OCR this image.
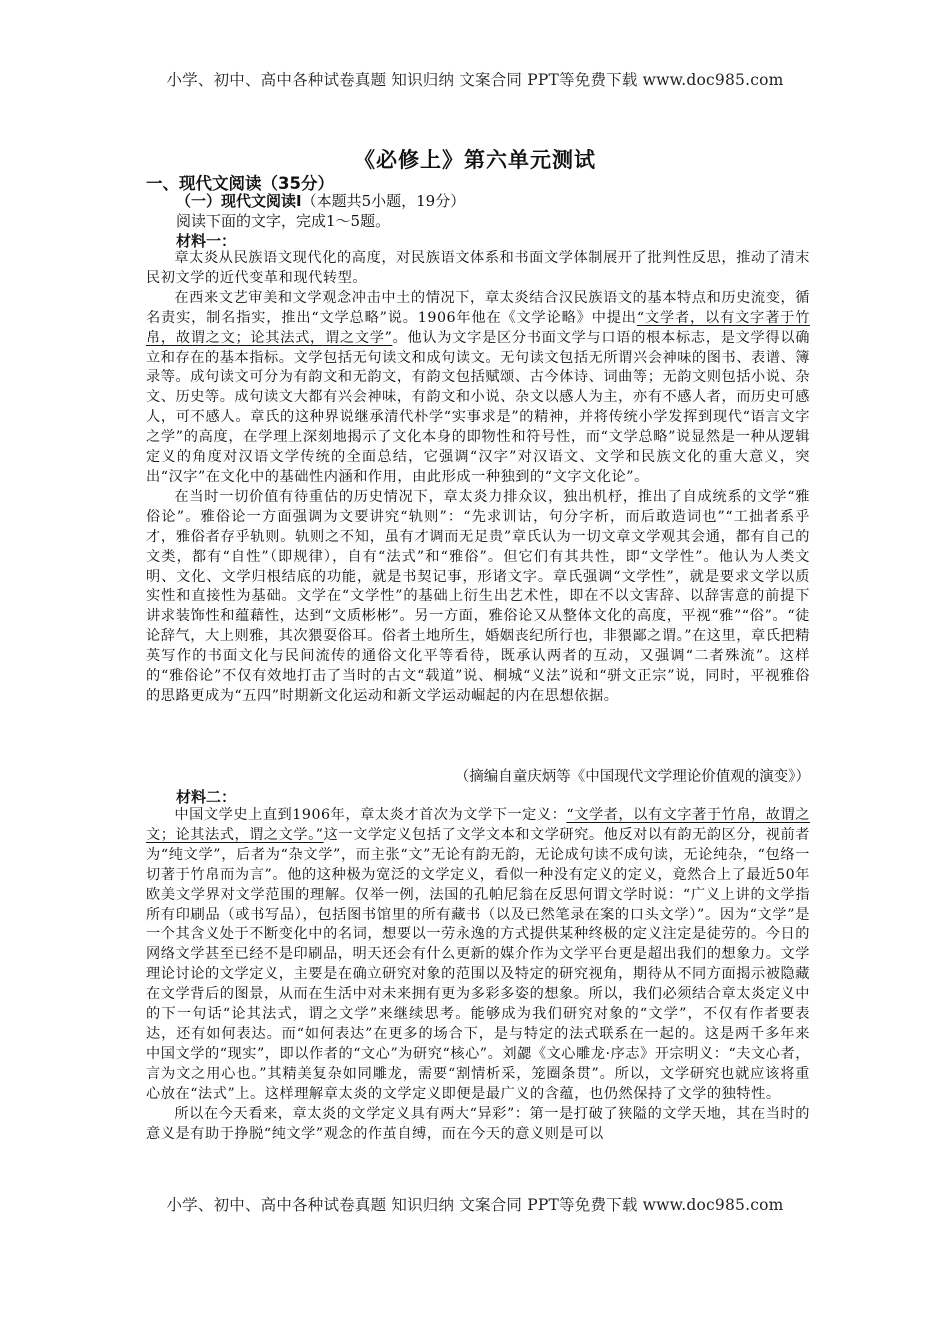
小学、初中、高中各种试卷真题 知识归纳 文案合同 PPT等免费下载 www.doc985.com
《必修上》第六单元测试
一、现代文阅读（35分）
（一）现代文阅读Ⅰ（本题共5小题，19分）
阅读下面的文字，完成1～5题。
材料一：

章太炎从民族语文现代化的高度，对民族语文体系和书面文学体制展开了批判性反思，推动了清末民初文学的近代变革和现代转型。

在西来文艺审美和文学观念冲击中土的情况下，章太炎结合汉民族语文的基本特点和历史流变，循名责实，制名指实，推出“文学总略”说。1906年他在《文学论略》中提出“文学者，以有文字著于竹帛，故谓之文；论其法式，谓之文学”。他认为文字是区分书面文学与口语的根本标志，是文学得以确立和存在的基本指标。文学包括无句读文和成句读文。无句读文包括无所谓兴会神味的图书、表谱、簿录等。成句读文可分为有韵文和无韵文，有韵文包括赋颂、古今体诗、词曲等；无韵文则包括小说、杂文、历史等。成句读文大都有兴会神味，有韵文和小说、杂文以感人为主，亦有不感人者，而历史可感人，可不感人。章氏的这种界说继承清代朴学“实事求是”的精神，并将传统小学发挥到现代“语言文字之学”的高度，在学理上深刻地揭示了文化本身的即物性和符号性，而“文学总略”说显然是一种从逻辑定义的角度对汉语文学传统的全面总结，它强调“汉字”对汉语文、文学和民族文化的重大意义，突出“汉字”在文化中的基础性内涵和作用，由此形成一种独到的“文字文化论”。

在当时一切价值有待重估的历史情况下，章太炎力排众议，独出机杼，推出了自成统系的文学“雅俗论”。雅俗论一方面强调为文要讲究“轨则”：“先求训诂，句分字析，而后敢造词也”“工拙者系乎才，雅俗者存乎轨则。轨则之不知，虽有才调而无足贵”章氏认为一切文章文学观其会通，都有自己的文类，都有“自性”（即规律），自有“法式”和“雅俗”。但它们有其共性，即“文学性”。他认为人类文明、文化、文学归根结底的功能，就是书契记事，形诸文字。章氏强调“文学性”，就是要求文学以质实性和直接性为基础。文学在“文学性”的基础上衍生出艺术性，即在不以文害辞、以辞害意的前提下讲求装饰性和蕴藉性，达到“文质彬彬”。另一方面，雅俗论又从整体文化的高度，平视“雅”“俗”。“徒论辞气，大上则雅，其次猥耍俗耳。俗者土地所生，婚姻丧纪所行也，非猥鄙之谓。”在这里，章氏把精英写作的书面文化与民间流传的通俗文化平等看待，既承认两者的互动，又强调“二者殊流”。这样的“雅俗论”不仅有效地打击了当时的古文“载道”说、桐城“义法”说和“骈文正宗”说，同时，平视雅俗的思路更成为“五四”时期新文化运动和新文学运动崛起的内在思想依据。

（摘编自童庆炳等《中国现代文学理论价值观的演变》）
材料二：

中国文学史上直到1906年，章太炎才首次为文学下一定义：“文学者，以有文字著于竹帛，故谓之文；论其法式，谓之文学。”这一文学定义包括了文学文本和文学研究。他反对以有韵无韵区分，视前者为“纯文学”，后者为“杂文学”，而主张“文”无论有韵无韵，无论成句读不成句读，无论纯杂，“包络一切著于竹帛而为言”。他的这种极为宽泛的文学定义，看似一种没有定义的定义，竟然合上了最近50年欧美文学界对文学范围的理解。仅举一例，法国的孔帕尼翁在反思何谓文学时说：“广义上讲的文学指所有印刷品（或书写品），包括图书馆里的所有藏书（以及已然笔录在案的口头文学）”。因为“文学”是一个其含义处于不断变化中的名词，想要以一劳永逸的方式提供某种终极的定义注定是徒劳的。今日的网络文学甚至已经不是印刷品，明天还会有什么更新的媒介作为文学平台更是超出我们的想象力。文学理论讨论的文学定义，主要是在确立研究对象的范围以及特定的研究视角，期待从不同方面揭示被隐藏在文学背后的图景，从而在生活中对未来拥有更为多彩多姿的想象。所以，我们必须结合章太炎定义中的下一句话“论其法式，谓之文学”来继续思考。能够成为我们研究对象的“文学”，不仅有作者要表达，还有如何表达。而“如何表达”在更多的场合下，是与特定的法式联系在一起的。这是两千多年来中国文学的“现实”，即以作者的“文心”为研究“核心”。刘勰《文心雕龙·序志》开宗明义：“夫文心者，言为文之用心也。”其精美复杂如同雕龙，需要“割情析采，笼圈条贯”。所以，文学研究也就应该将重心放在“法式”上。这样理解章太炎的文学定义即便是最广义的含蕴，也仍然保持了文学的独特性。

所以在今天看来，章太炎的文学定义具有两大“异彩”：第一是打破了狭隘的文学天地，其在当时的意义是有助于挣脱“纯文学”观念的作茧自缚，而在今天的意义则是可以

小学、初中、高中各种试卷真题 知识归纳 文案合同 PPT等免费下载 www.doc985.com
